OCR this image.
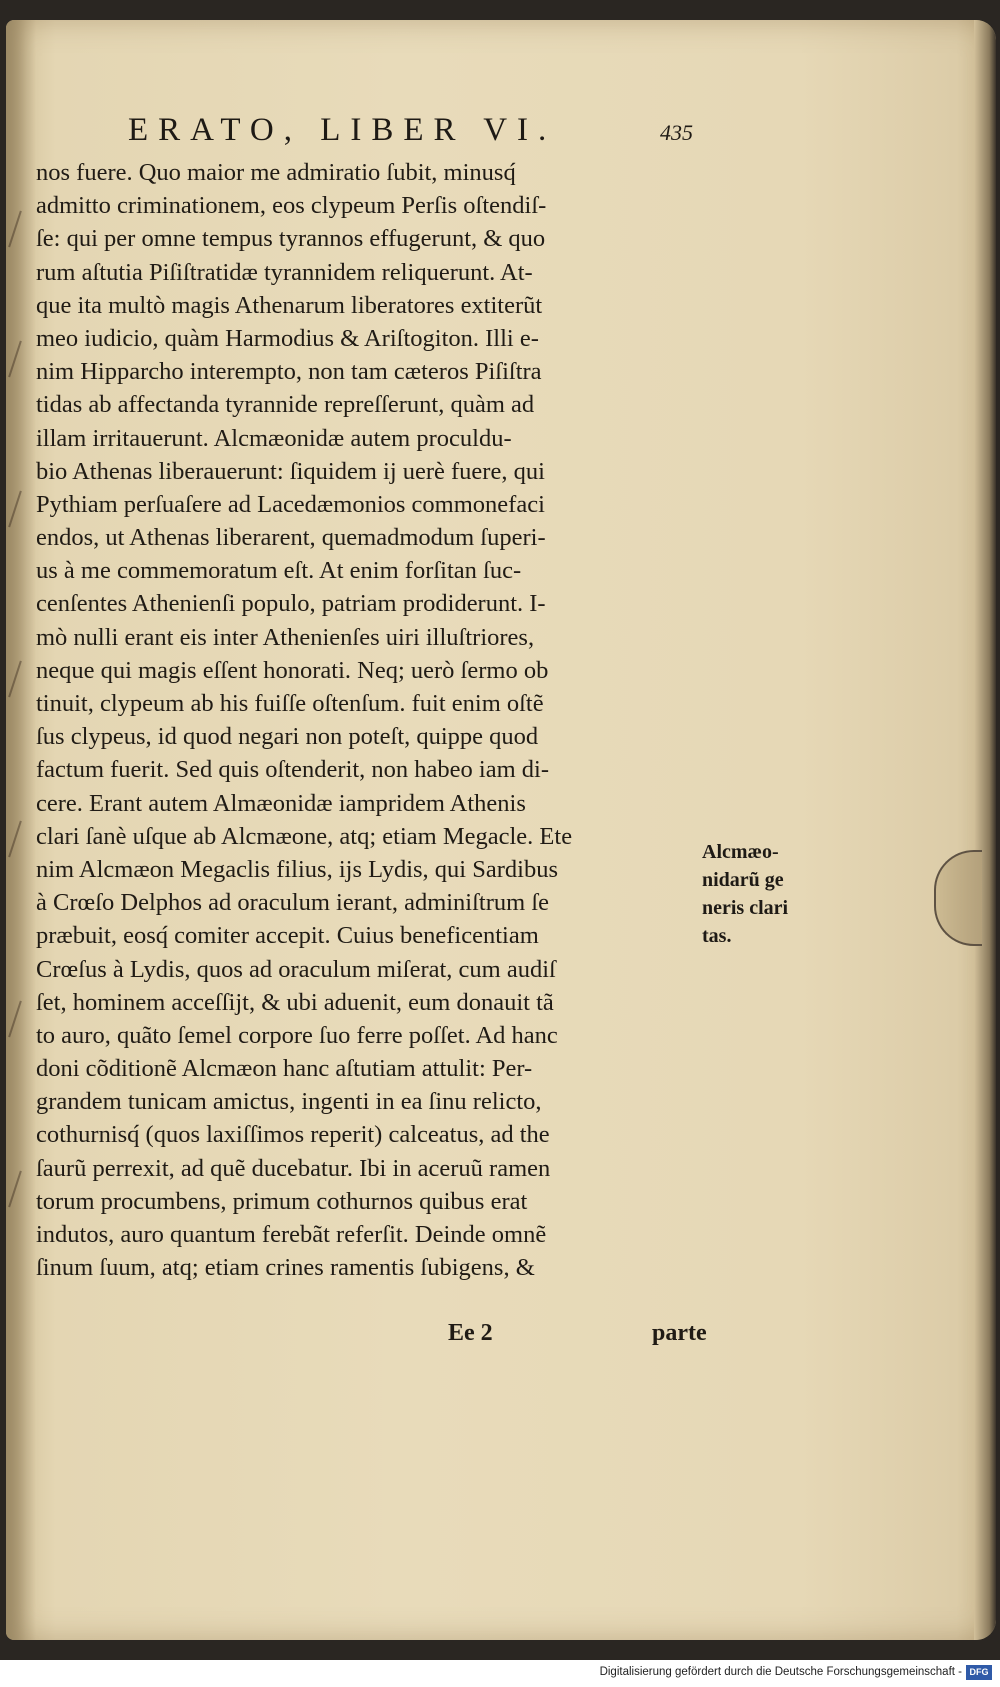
ERATO, LIBER VI.	435
nos fuere. Quo maior me admiratio ſubit, minusq́
admitto criminationem, eos clypeum Perſis oſtendiſ-
ſe: qui per omne tempus tyrannos effugerunt, & quo
rum aſtutia Piſiſtratidæ tyrannidem reliquerunt. At-
que ita multò magis Athenarum liberatores extiterũt
meo iudicio, quàm Harmodius & Ariſtogiton. Illi e-
nim Hipparcho interempto, non tam cæteros Piſiſtra
tidas ab affectanda tyrannide repreſſerunt, quàm ad
illam irritauerunt. Alcmæonidæ autem proculdu-
bio Athenas liberauerunt: ſiquidem ij uerè fuere, qui
Pythiam perſuaſere ad Lacedæmonios commonefaci
endos, ut Athenas liberarent, quemadmodum ſuperi-
us à me commemoratum eſt. At enim forſitan ſuc-
cenſentes Athenienſi populo, patriam prodiderunt. I-
mò nulli erant eis inter Athenienſes uiri illuſtriores,
neque qui magis eſſent honorati. Neq; uerò ſermo ob
tinuit, clypeum ab his fuiſſe oſtenſum. fuit enim oſtẽ
ſus clypeus, id quod negari non poteſt, quippe quod
factum fuerit. Sed quis oſtenderit, non habeo iam di-
cere. Erant autem Almæonidæ iampridem Athenis
clari ſanè uſque ab Alcmæone, atq; etiam Megacle. Ete
nim Alcmæon Megaclis filius, ijs Lydis, qui Sardibus
à Crœſo Delphos ad oraculum ierant, adminiſtrum ſe
præbuit, eosq́ comiter accepit. Cuius beneficentiam
Crœſus à Lydis, quos ad oraculum miſerat, cum audiſ
ſet, hominem acceſſijt, & ubi aduenit, eum donauit tã
to auro, quãto ſemel corpore ſuo ferre poſſet. Ad hanc
doni cõditionẽ Alcmæon hanc aſtutiam attulit: Per-
grandem tunicam amictus, ingenti in ea ſinu relicto,
cothurnisq́ (quos laxiſſimos reperit) calceatus, ad the
ſaurũ perrexit, ad quẽ ducebatur. Ibi in aceruũ ramen
torum procumbens, primum cothurnos quibus erat
indutos, auro quantum ferebãt referſit. Deinde omnẽ
ſinum ſuum, atq; etiam crines ramentis ſubigens, &
Alcmæo-
nidarũ ge
neris clari
tas.
Ee 2	parte
Digitalisierung gefördert durch die Deutsche Forschungsgemeinschaft - DFG
